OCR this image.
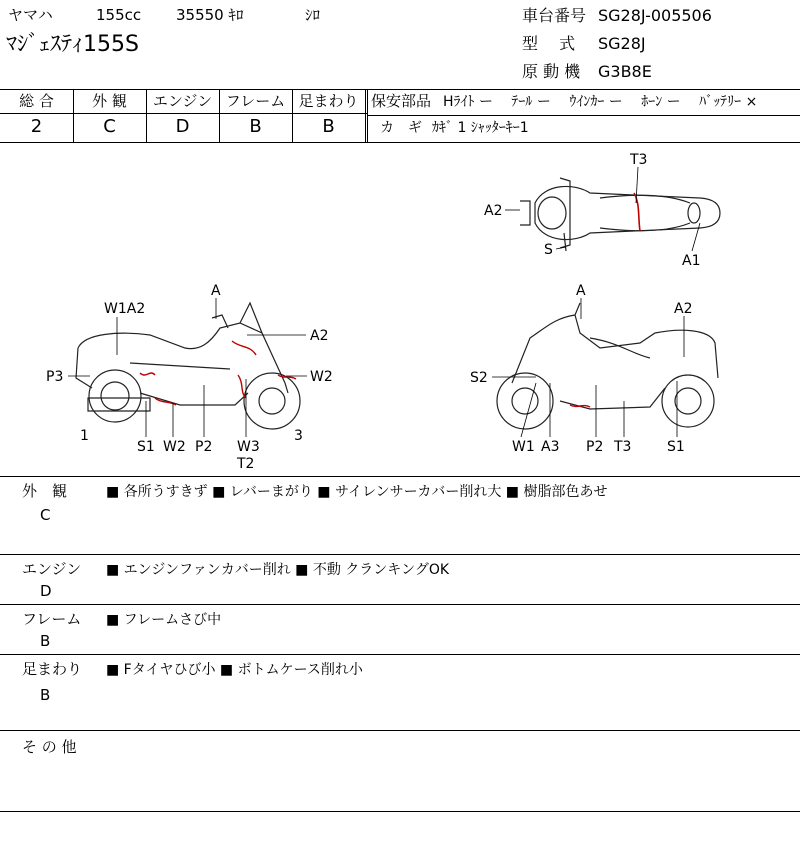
ヤマハ	155cc 35550 ｷﾛ	ｼﾛ
ﾏｼﾞｪｽﾃｨ155S
車台番号 SG28J-005506
型　 式 SG28J
原 動 機 G3B8E
総 合	外 観	エンジン フレーム 足まわり
2	C	D	B	B
保安部品 Hﾗｲﾄ ー　 ﾃｰﾙ ー　 ｳｲﾝｶｰ ー　 ﾎｰﾝ ー　 ﾊﾞｯﾃﾘｰ ×
カ　ギ ｶｷﾞ 1 ｼｬｯﾀｰｷｰ1
T3
A2
S
A1
W1A2
A
A2
P3	W2
1
S1 W2 P2 W3
T2
3
A
A2
S2
W1 A3 P2 T3	S1
外　観
C
■ 各所うすきず ■ レバーまがり ■ サイレンサーカバー削れ大 ■ 樹脂部色あせ
エンジン
D
■ エンジンファンカバー削れ ■ 不動 クランキングOK
フレーム
B
■ フレームさび中
足まわり
B
■ Fタイヤひび小 ■ ボトムケース削れ小
そ の 他
